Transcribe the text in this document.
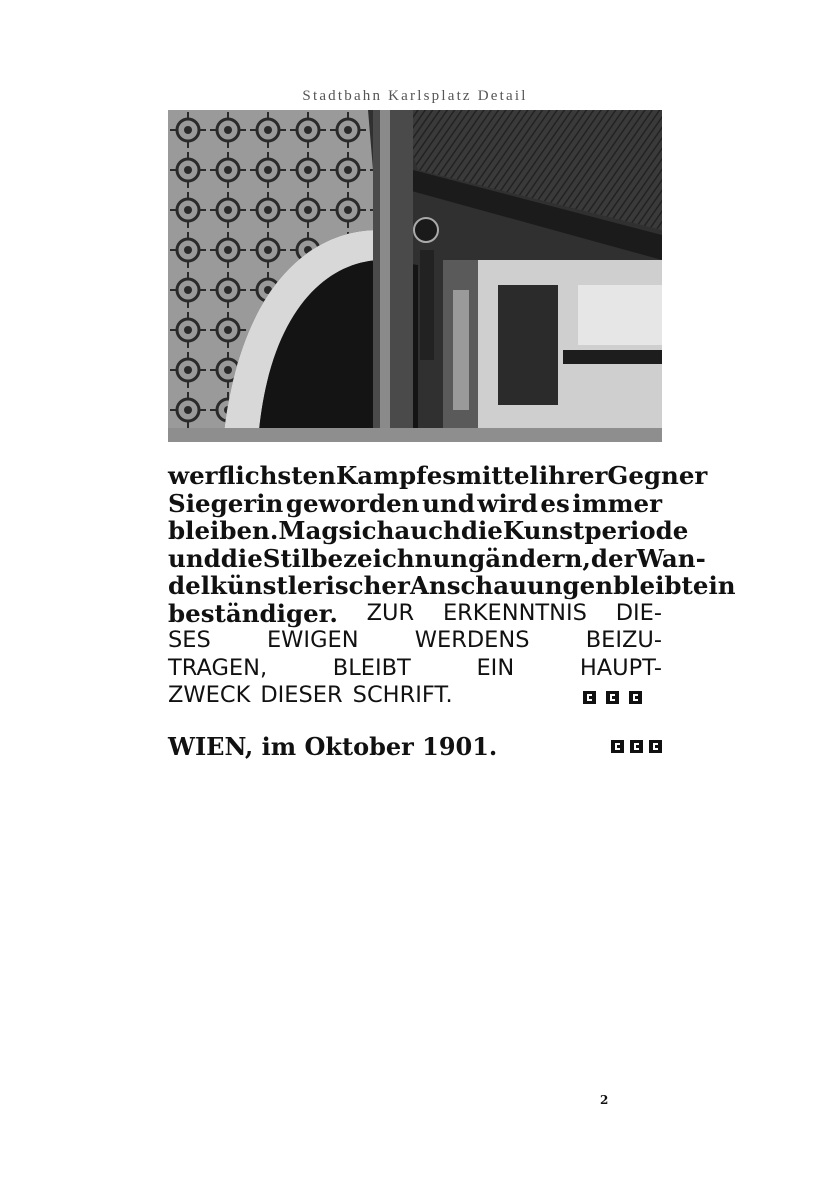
Stadtbahn Karlsplatz Detail
werflichsten Kampfesmittel ihrer Gegner
Siegerin geworden und wird es immer
bleiben. Mag sich auch die Kunstperiode
und die Stilbezeichnung ändern, der Wan-
del künstlerischer Anschauungen bleibt ein
beständiger. ZUR ERKENNTNIS DIE-
SES EWIGEN WERDENS BEIZU-
TRAGEN,	BLEIBT	EIN	HAUPT-
ZWECK DIESER SCHRIFT.
WIEN, im Oktober 1901.
2
